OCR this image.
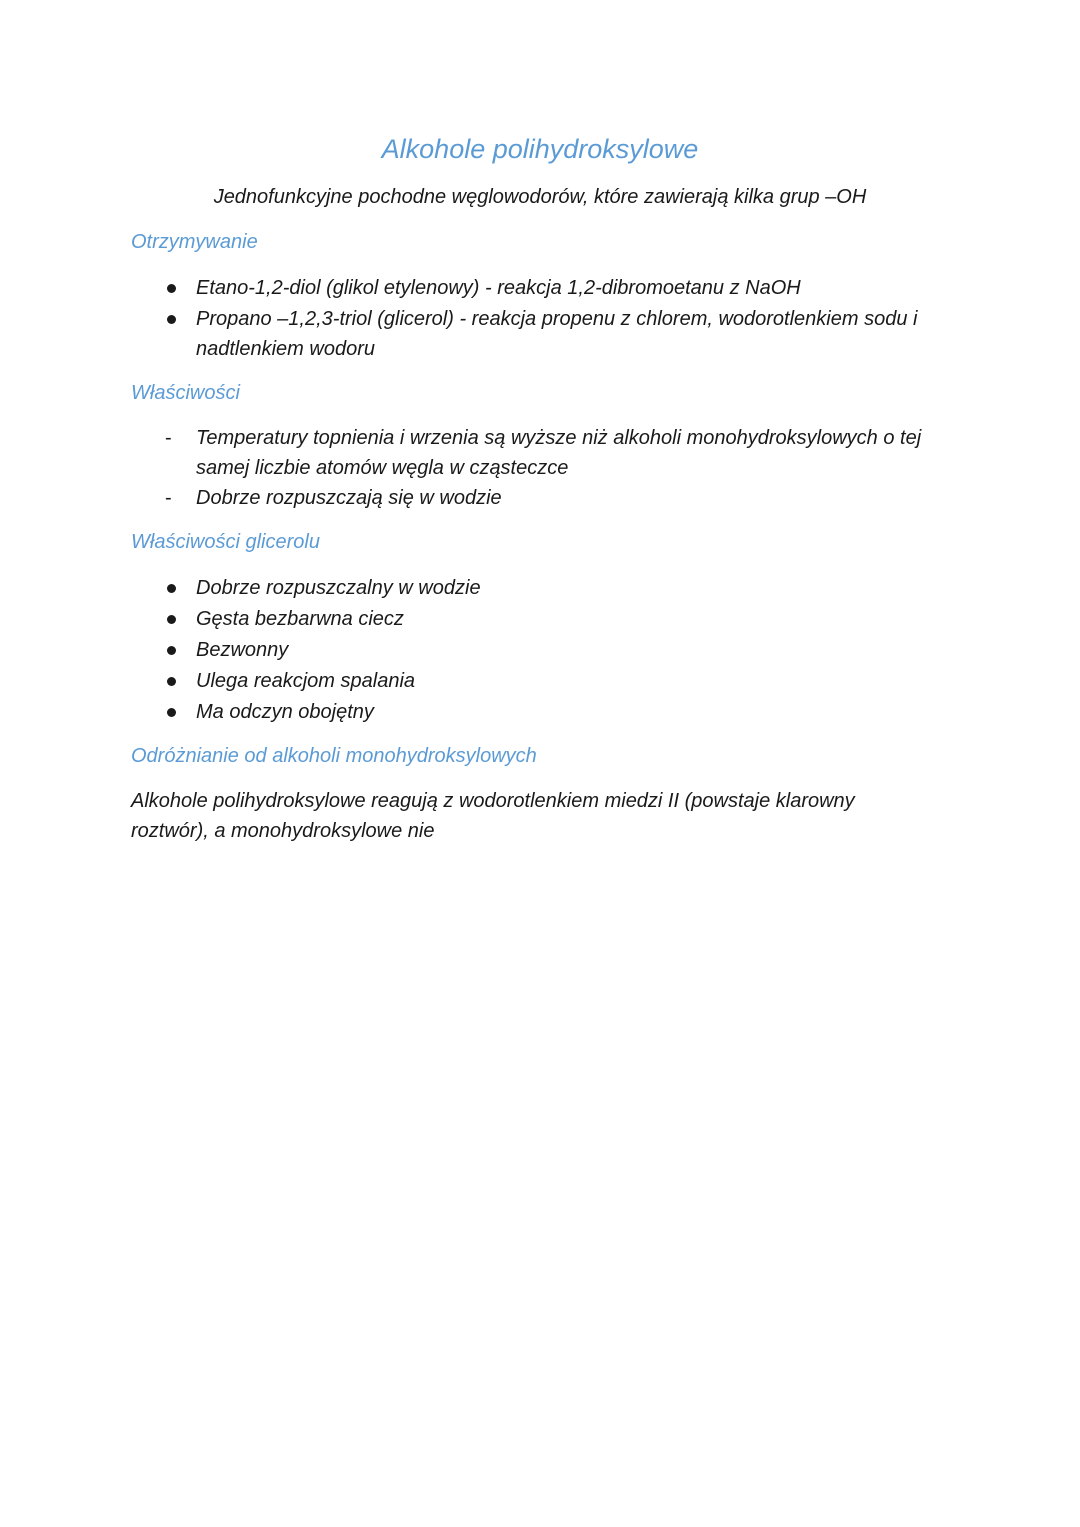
Alkohole polihydroksylowe
Jednofunkcyjne pochodne węglowodorów, które zawierają kilka grup –OH
Otrzymywanie
Etano-1,2-diol (glikol etylenowy) - reakcja 1,2-dibromoetanu z NaOH
Propano –1,2,3-triol (glicerol) - reakcja propenu z chlorem, wodorotlenkiem sodu i nadtlenkiem wodoru
Właściwości
- Temperatury topnienia i wrzenia są wyższe niż alkoholi monohydroksylowych o tej samej liczbie atomów węgla w cząsteczce
- Dobrze rozpuszczają się w wodzie
Właściwości glicerolu
Dobrze rozpuszczalny w wodzie
Gęsta bezbarwna ciecz
Bezwonny
Ulega reakcjom spalania
Ma odczyn obojętny
Odróżnianie od alkoholi monohydroksylowych
Alkohole polihydroksylowe reagują z wodorotlenkiem miedzi II (powstaje klarowny roztwór), a monohydroksylowe nie
